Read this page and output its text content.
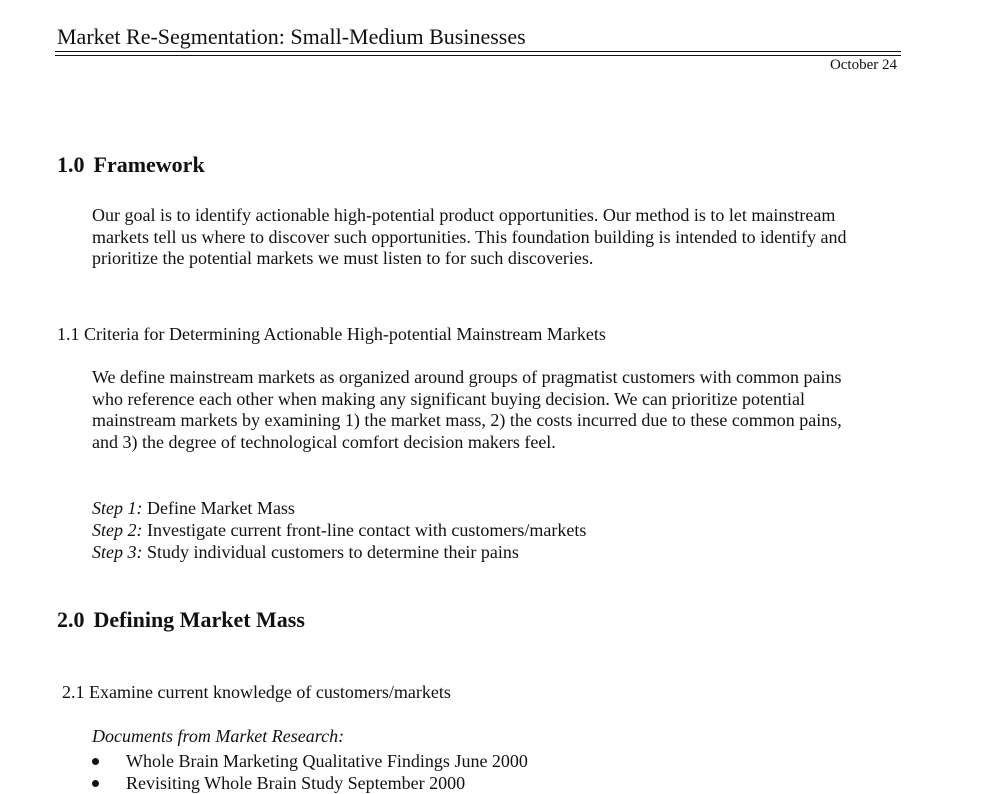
Market Re-Segmentation: Small-Medium Businesses
October 24
1.0 Framework
Our goal is to identify actionable high-potential product opportunities. Our method is to let mainstream
markets tell us where to discover such opportunities. This foundation building is intended to identify and
prioritize the potential markets we must listen to for such discoveries.
1.1 Criteria for Determining Actionable High-potential Mainstream Markets
We define mainstream markets as organized around groups of pragmatist customers with common pains
who reference each other when making any significant buying decision. We can prioritize potential
mainstream markets by examining 1) the market mass, 2) the costs incurred due to these common pains,
and 3) the degree of technological comfort decision makers feel.
Step 1: Define Market Mass
Step 2: Investigate current front-line contact with customers/markets
Step 3: Study individual customers to determine their pains
2.0 Defining Market Mass
2.1 Examine current knowledge of customers/markets
Documents from Market Research:
Whole Brain Marketing Qualitative Findings June 2000
Revisiting Whole Brain Study September 2000
